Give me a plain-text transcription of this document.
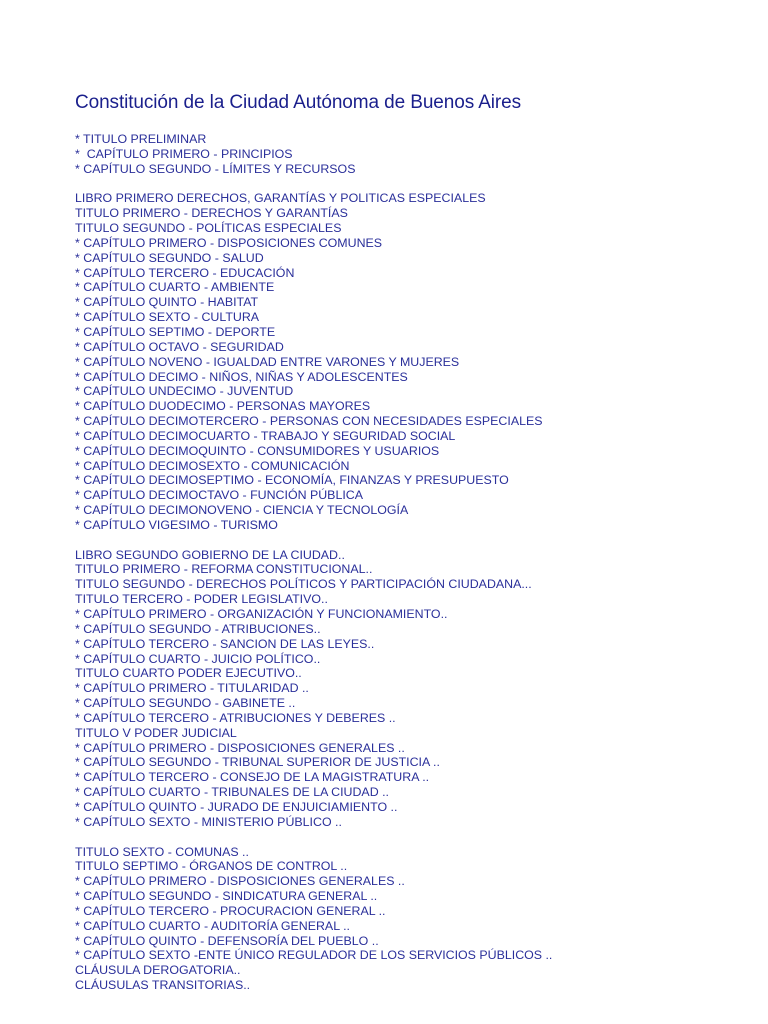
Constitución de la Ciudad Autónoma de Buenos Aires
* TITULO PRELIMINAR
*  CAPÍTULO PRIMERO - PRINCIPIOS
* CAPÍTULO SEGUNDO - LÍMITES Y RECURSOS
LIBRO PRIMERO DERECHOS, GARANTÍAS Y POLITICAS ESPECIALES
TITULO PRIMERO - DERECHOS Y GARANTÍAS
TITULO SEGUNDO - POLÍTICAS ESPECIALES
* CAPÍTULO PRIMERO - DISPOSICIONES COMUNES
* CAPÍTULO SEGUNDO - SALUD
* CAPÍTULO TERCERO - EDUCACIÓN
* CAPÍTULO CUARTO - AMBIENTE
* CAPÍTULO QUINTO - HABITAT
* CAPÍTULO SEXTO - CULTURA
* CAPÍTULO SEPTIMO - DEPORTE
* CAPÍTULO OCTAVO - SEGURIDAD
* CAPÍTULO NOVENO - IGUALDAD ENTRE VARONES Y MUJERES
* CAPÍTULO DECIMO - NIÑOS, NIÑAS Y ADOLESCENTES
* CAPÍTULO UNDECIMO - JUVENTUD
* CAPÍTULO DUODECIMO - PERSONAS MAYORES
* CAPÍTULO DECIMOTERCERO - PERSONAS CON NECESIDADES ESPECIALES
* CAPÍTULO DECIMOCUARTO - TRABAJO Y SEGURIDAD SOCIAL
* CAPÍTULO DECIMOQUINTO - CONSUMIDORES Y USUARIOS
* CAPÍTULO DECIMOSEXTO - COMUNICACIÓN
* CAPÍTULO DECIMOSEPTIMO - ECONOMÍA, FINANZAS Y PRESUPUESTO
* CAPÍTULO DECIMOCTAVO - FUNCIÓN PÚBLICA
* CAPÍTULO DECIMONOVENO - CIENCIA Y TECNOLOGÍA
* CAPÍTULO VIGESIMO - TURISMO
LIBRO SEGUNDO GOBIERNO DE LA CIUDAD..
TITULO PRIMERO - REFORMA CONSTITUCIONAL..
TITULO SEGUNDO - DERECHOS POLÍTICOS Y PARTICIPACIÓN CIUDADANA...
TITULO TERCERO - PODER LEGISLATIVO..
* CAPÍTULO PRIMERO - ORGANIZACIÓN Y FUNCIONAMIENTO..
* CAPÍTULO SEGUNDO - ATRIBUCIONES..
* CAPÍTULO TERCERO - SANCION DE LAS LEYES..
* CAPÍTULO CUARTO - JUICIO POLÍTICO..
TITULO CUARTO PODER EJECUTIVO..
* CAPÍTULO PRIMERO - TITULARIDAD ..
* CAPÍTULO SEGUNDO - GABINETE ..
* CAPÍTULO TERCERO - ATRIBUCIONES Y DEBERES ..
TITULO V PODER JUDICIAL
* CAPÍTULO PRIMERO - DISPOSICIONES GENERALES ..
* CAPÍTULO SEGUNDO - TRIBUNAL SUPERIOR DE JUSTICIA ..
* CAPÍTULO TERCERO - CONSEJO DE LA MAGISTRATURA ..
* CAPÍTULO CUARTO - TRIBUNALES DE LA CIUDAD ..
* CAPÍTULO QUINTO - JURADO DE ENJUICIAMIENTO ..
* CAPÍTULO SEXTO - MINISTERIO PÚBLICO ..
TITULO SEXTO - COMUNAS ..
TITULO SEPTIMO - ÓRGANOS DE CONTROL ..
* CAPÍTULO PRIMERO - DISPOSICIONES GENERALES ..
* CAPÍTULO SEGUNDO - SINDICATURA GENERAL ..
* CAPÍTULO TERCERO - PROCURACION GENERAL ..
* CAPÍTULO CUARTO - AUDITORÍA GENERAL ..
* CAPÍTULO QUINTO - DEFENSORÍA DEL PUEBLO ..
* CAPÍTULO SEXTO -ENTE ÚNICO REGULADOR DE LOS SERVICIOS PÚBLICOS ..
CLÁUSULA DEROGATORIA..
CLÁUSULAS TRANSITORIAS..
